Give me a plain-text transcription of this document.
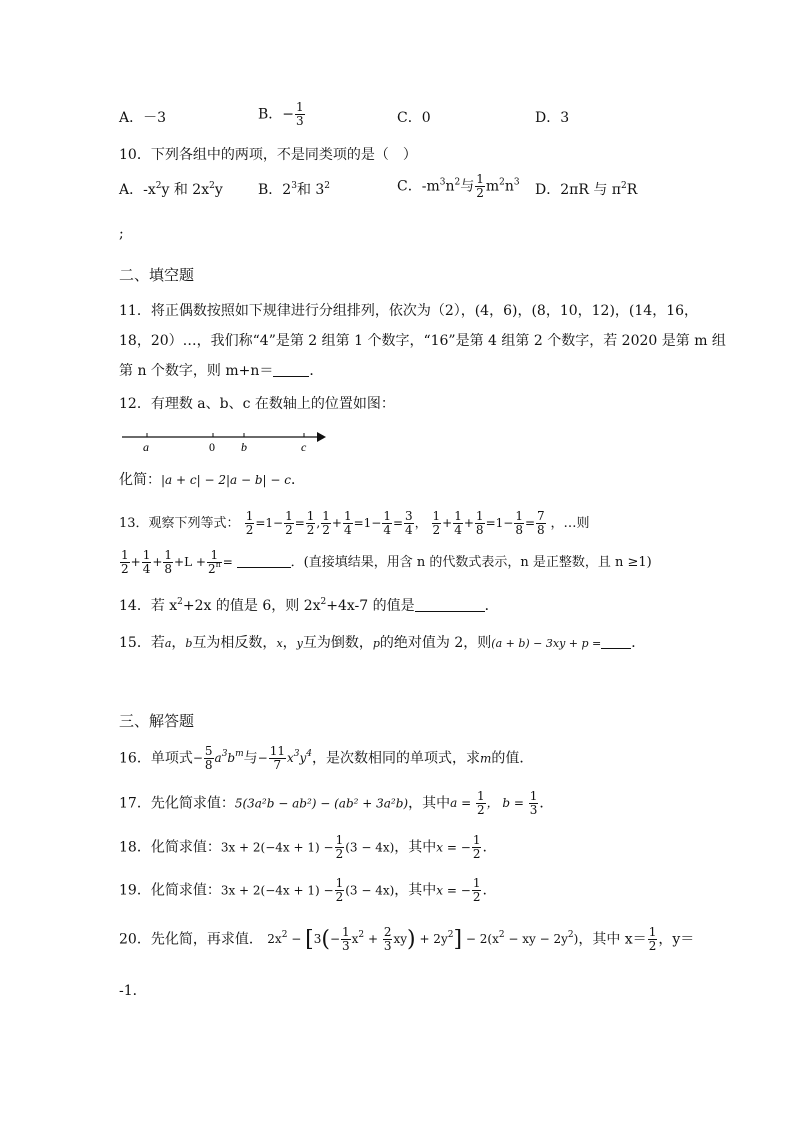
A．－3	B．− $\frac{1}{3}$	C．0	D．3
10．下列各组中的两项，不是同类项的是（　）
A．$-x^2y$ 和 $2x^2y$	B．$2^3$和 $3^2$	C．$-m^3n^2$与 $\frac{1}{2} m^2n^3$ D．2πR 与 $\pi^2R$
;
二、填空题
11．将正偶数按照如下规律进行分组排列，依次为（2），(4，6)，(8，10，12)，(14，16，
18，20）…，我们称“4”是第 2 组第 1 个数字，“16”是第 4 组第 2 个数字，若 2020 是第 m 组
第 n 个数字，则 m+n＝	．
12．有理数 a、b、c 在数轴上的位置如图：
a	0 b	c
化简：|a + c| − 2|a − b| − c．
13．观察下列等式： $\frac{1}{2} =1- \frac{1}{2} = \frac{1}{2}$ , $\frac{1}{2} + \frac{1}{4} =1- \frac{1}{4} = \frac{3}{4}$ ， $\frac{1}{2} + \frac{1}{4} + \frac{1}{8} =1- \frac{1}{8} = \frac{7}{8}$ ，…则
$\frac{1}{2} + \frac{1}{4} + \frac{1}{8} +L + \frac{1}{2^n}$ =	．(直接填结果，用含 n 的代数式表示，n 是正整数，且 n ≥1)
14．若 $x^2+2x$ 的值是 6，则 $2x^2+4x-7$ 的值是	．
15．若a，b互为相反数，x，y互为倒数，p的绝对值为 2，则(a + b) − 3xy + p = ．
三、解答题
16．单项式− $\frac{5}{8} a^3b^m$与− $\frac{11}{7} x^3y^4$，是次数相同的单项式，求m的值．
17．先化简求值：5(3a²b − ab²) − (ab² + 3a²b)，其中$a = \frac{1}{2}$ ， $b = \frac{1}{3}$ ．
18．化简求值：$3x + 2(-4x + 1) - \frac{1}{2} (3 - 4x)$，其中x = − $\frac{1}{2}$ .
19．化简求值：$3x + 2(-4x + 1) - \frac{1}{2} (3 - 4x)$，其中x = − $\frac{1}{2}$ .
20．先化简，再求值． $2x^2 - [3(- \frac{1}{3} x^2 + \frac{2}{3} xy) + 2y^2] - 2(x^2$ − xy − $2y^2$)，其中 $x= \frac{1}{2}$ ，y＝
-1．
